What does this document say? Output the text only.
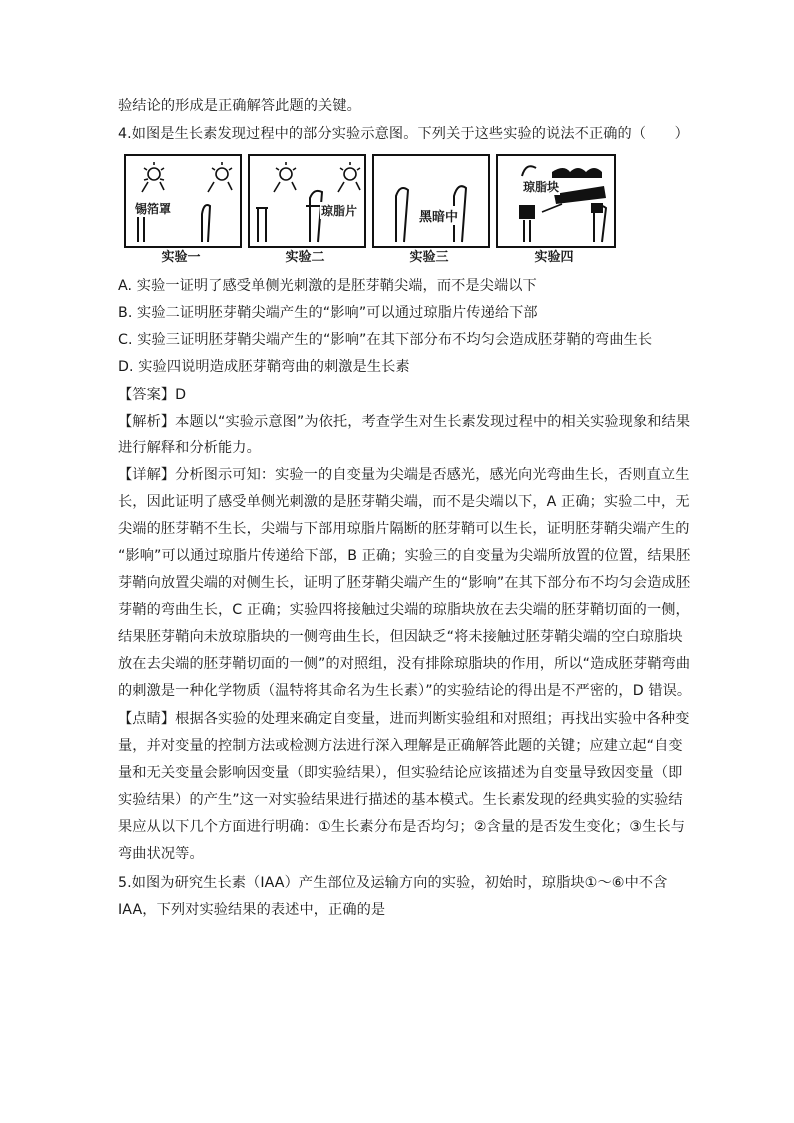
验结论的形成是正确解答此题的关键。
4.如图是生长素发现过程中的部分实验示意图。下列关于这些实验的说法不正确的（　　）
锡箔罩	琼脂片	黑暗中
琼脂块
实验一	实验二	实验三	实验四
A. 实验一证明了感受单侧光刺激的是胚芽鞘尖端，而不是尖端以下
B. 实验二证明胚芽鞘尖端产生的“影响”可以通过琼脂片传递给下部
C. 实验三证明胚芽鞘尖端产生的“影响”在其下部分布不均匀会造成胚芽鞘的弯曲生长
D. 实验四说明造成胚芽鞘弯曲的刺激是生长素
【答案】D
【解析】本题以“实验示意图”为依托，考查学生对生长素发现过程中的相关实验现象和结果
进行解释和分析能力。
【详解】分析图示可知：实验一的自变量为尖端是否感光，感光向光弯曲生长，否则直立生
长，因此证明了感受单侧光刺激的是胚芽鞘尖端，而不是尖端以下，A 正确；实验二中，无
尖端的胚芽鞘不生长，尖端与下部用琼脂片隔断的胚芽鞘可以生长，证明胚芽鞘尖端产生的
“影响”可以通过琼脂片传递给下部，B 正确；实验三的自变量为尖端所放置的位置，结果胚
芽鞘向放置尖端的对侧生长，证明了胚芽鞘尖端产生的“影响”在其下部分布不均匀会造成胚
芽鞘的弯曲生长，C 正确；实验四将接触过尖端的琼脂块放在去尖端的胚芽鞘切面的一侧，
结果胚芽鞘向未放琼脂块的一侧弯曲生长，但因缺乏“将未接触过胚芽鞘尖端的空白琼脂块
放在去尖端的胚芽鞘切面的一侧”的对照组，没有排除琼脂块的作用，所以“造成胚芽鞘弯曲
的刺激是一种化学物质（温特将其命名为生长素）”的实验结论的得出是不严密的，D 错误。
【点睛】根据各实验的处理来确定自变量，进而判断实验组和对照组；再找出实验中各种变
量，并对变量的控制方法或检测方法进行深入理解是正确解答此题的关键；应建立起“自变
量和无关变量会影响因变量（即实验结果），但实验结论应该描述为自变量导致因变量（即
实验结果）的产生”这一对实验结果进行描述的基本模式。生长素发现的经典实验的实验结
果应从以下几个方面进行明确：①生长素分布是否均匀；②含量的是否发生变化；③生长与
弯曲状况等。
5.如图为研究生长素（IAA）产生部位及运输方向的实验，初始时，琼脂块①～⑥中不含
IAA，下列对实验结果的表述中，正确的是
